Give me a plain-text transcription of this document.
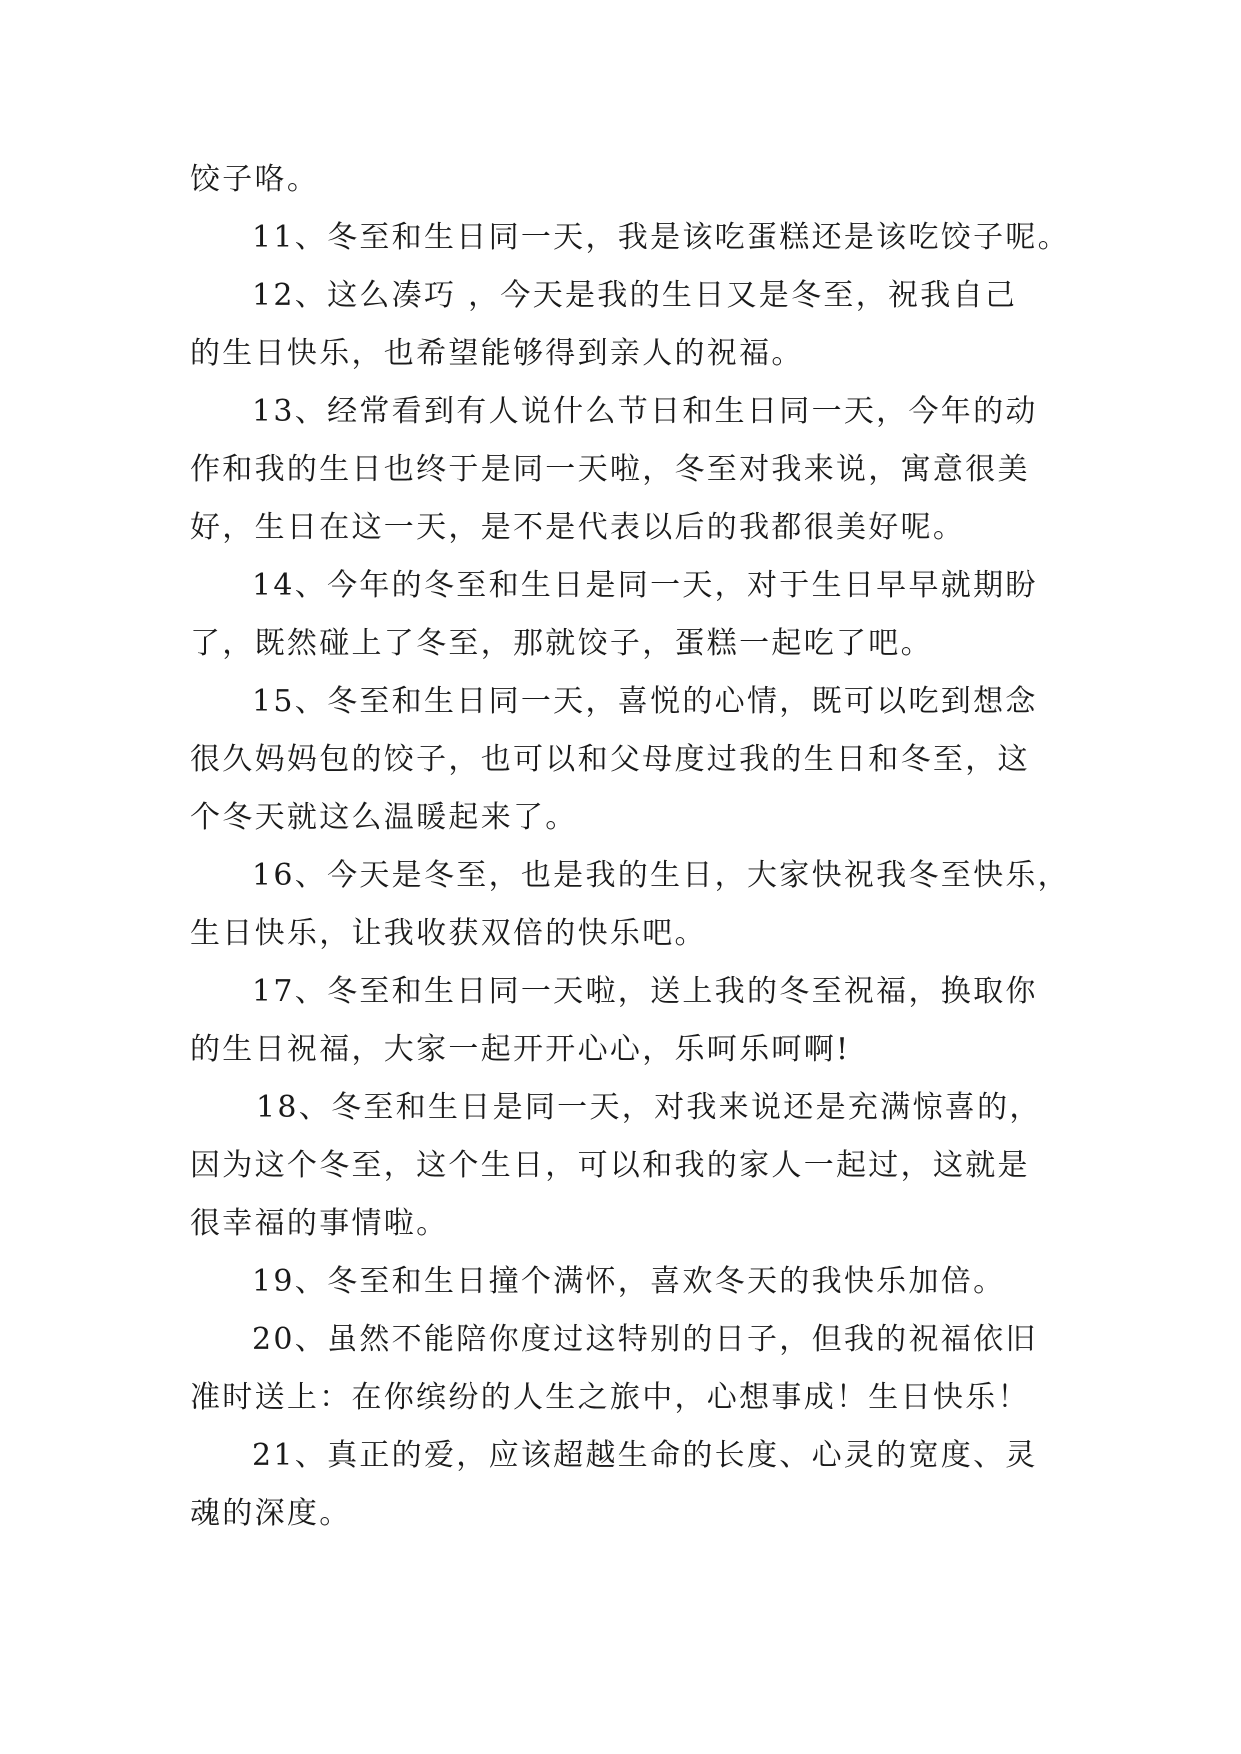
饺子咯。
11、冬至和生日同一天，我是该吃蛋糕还是该吃饺子呢。
12、这么凑巧 ，今天是我的生日又是冬至，祝我自己
的生日快乐，也希望能够得到亲人的祝福。
13、经常看到有人说什么节日和生日同一天，今年的动
作和我的生日也终于是同一天啦，冬至对我来说，寓意很美
好，生日在这一天，是不是代表以后的我都很美好呢。
14、今年的冬至和生日是同一天，对于生日早早就期盼
了，既然碰上了冬至，那就饺子，蛋糕一起吃了吧。
15、冬至和生日同一天，喜悦的心情，既可以吃到想念
很久妈妈包的饺子，也可以和父母度过我的生日和冬至，这
个冬天就这么温暖起来了。
16、今天是冬至，也是我的生日，大家快祝我冬至快乐，
生日快乐，让我收获双倍的快乐吧。
17、冬至和生日同一天啦，送上我的冬至祝福，换取你
的生日祝福，大家一起开开心心，乐呵乐呵啊!
18、冬至和生日是同一天，对我来说还是充满惊喜的，
因为这个冬至，这个生日，可以和我的家人一起过，这就是
很幸福的事情啦。
19、冬至和生日撞个满怀，喜欢冬天的我快乐加倍。
20、虽然不能陪你度过这特别的日子，但我的祝福依旧
准时送上：在你缤纷的人生之旅中，心想事成！生日快乐！
21、真正的爱，应该超越生命的长度、心灵的宽度、灵
魂的深度。
